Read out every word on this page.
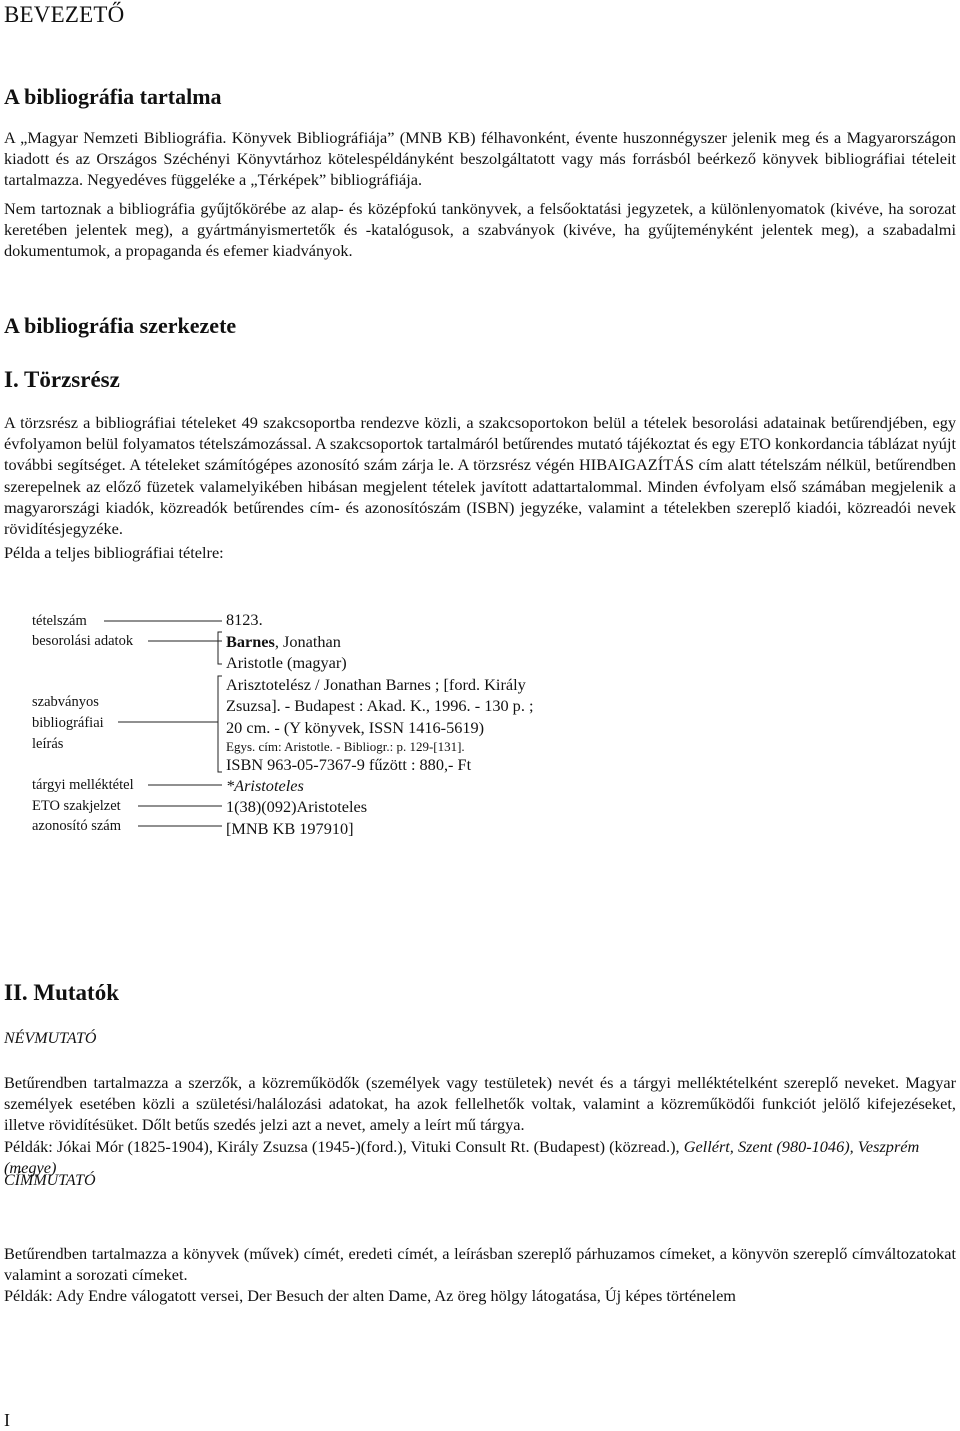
BEVEZETŐ
A bibliográfia tartalma

A „Magyar Nemzeti Bibliográfia. Könyvek Bibliográfiája” (MNB KB) félhavonként, évente huszonnégyszer jelenik meg és a Magyarországon kiadott és az Országos Széchényi Könyvtárhoz kötelespéldányként beszolgáltatott vagy más forrásból beérkező könyvek bibliográfiai tételeit tartalmazza. Negyedéves függeléke a „Térképek” bibliográfiája.

Nem tartoznak a bibliográfia gyűjtőkörébe az alap- és középfokú tankönyvek, a felsőoktatási jegyzetek, a különlenyomatok (kivéve, ha sorozat keretében jelentek meg), a gyártmányismertetők és -katalógusok, a szabványok (kivéve, ha gyűjteményként jelentek meg), a szabadalmi dokumentumok, a propaganda és efemer kiadványok.

A bibliográfia szerkezete
I. Törzsrész

A törzsrész a bibliográfiai tételeket 49 szakcsoportba rendezve közli, a szakcsoportokon belül a tételek besorolási adatainak betűrendjében, egy évfolyamon belül folyamatos tételszámozással. A szakcsoportok tartalmáról betűrendes mutató tájékoztat és egy ETO konkordancia táblázat nyújt további segítséget. A tételeket számítógépes azonosító szám zárja le. A törzsrész végén HIBAIGAZÍTÁS cím alatt tételszám nélkül, betűrendben szerepelnek az előző füzetek valamelyikében hibásan megjelent tételek javított adattartalommal. Minden évfolyam első számában megjelenik a magyarországi kiadók, közreadók betűrendes cím- és azonosítószám (ISBN) jegyzéke, valamint a tételekben szereplő kiadói, közreadói nevek rövidítésjegyzéke.

Példa a teljes bibliográfiai tételre:

tételszám
besorolási adatok
szabványos
bibliográfiai
leírás
tárgyi melléktétel
ETO szakjelzet
azonosító szám
8123.
Barnes, Jonathan
Aristotle (magyar)
Arisztotelész / Jonathan Barnes ; [ford. Király
Zsuzsa]. - Budapest : Akad. K., 1996. - 130 p. ;
20 cm. - (Y könyvek, ISSN 1416-5619)
Egys. cím: Aristotle. - Bibliogr.: p. 129-[131].
ISBN 963-05-7367-9 fűzött : 880,- Ft
*Aristoteles
1(38)(092)Aristoteles
[MNB KB 197910]
II. Mutatók

NÉVMUTATÓ

Betűrendben tartalmazza a szerzők, a közreműködők (személyek vagy testületek) nevét és a tárgyi melléktételként szereplő neveket. Magyar személyek esetében közli a születési/halálozási adatokat, ha azok fellelhetők voltak, valamint a közreműködői funkciót jelölő kifejezéseket, illetve rövidítésüket. Dőlt betűs szedés jelzi azt a nevet, amely a leírt mű tárgya.

Példák: Jókai Mór (1825-1904), Király Zsuzsa (1945-)(ford.), Vituki Consult Rt. (Budapest) (közread.), Gellért, Szent (980-1046), Veszprém (megye)

CÍMMUTATÓ

Betűrendben tartalmazza a könyvek (művek) címét, eredeti címét, a leírásban szereplő párhuzamos címeket, a könyvön szereplő címváltozatokat valamint a sorozati címeket.

Példák: Ady Endre válogatott versei, Der Besuch der alten Dame, Az öreg hölgy látogatása, Új képes történelem

I
